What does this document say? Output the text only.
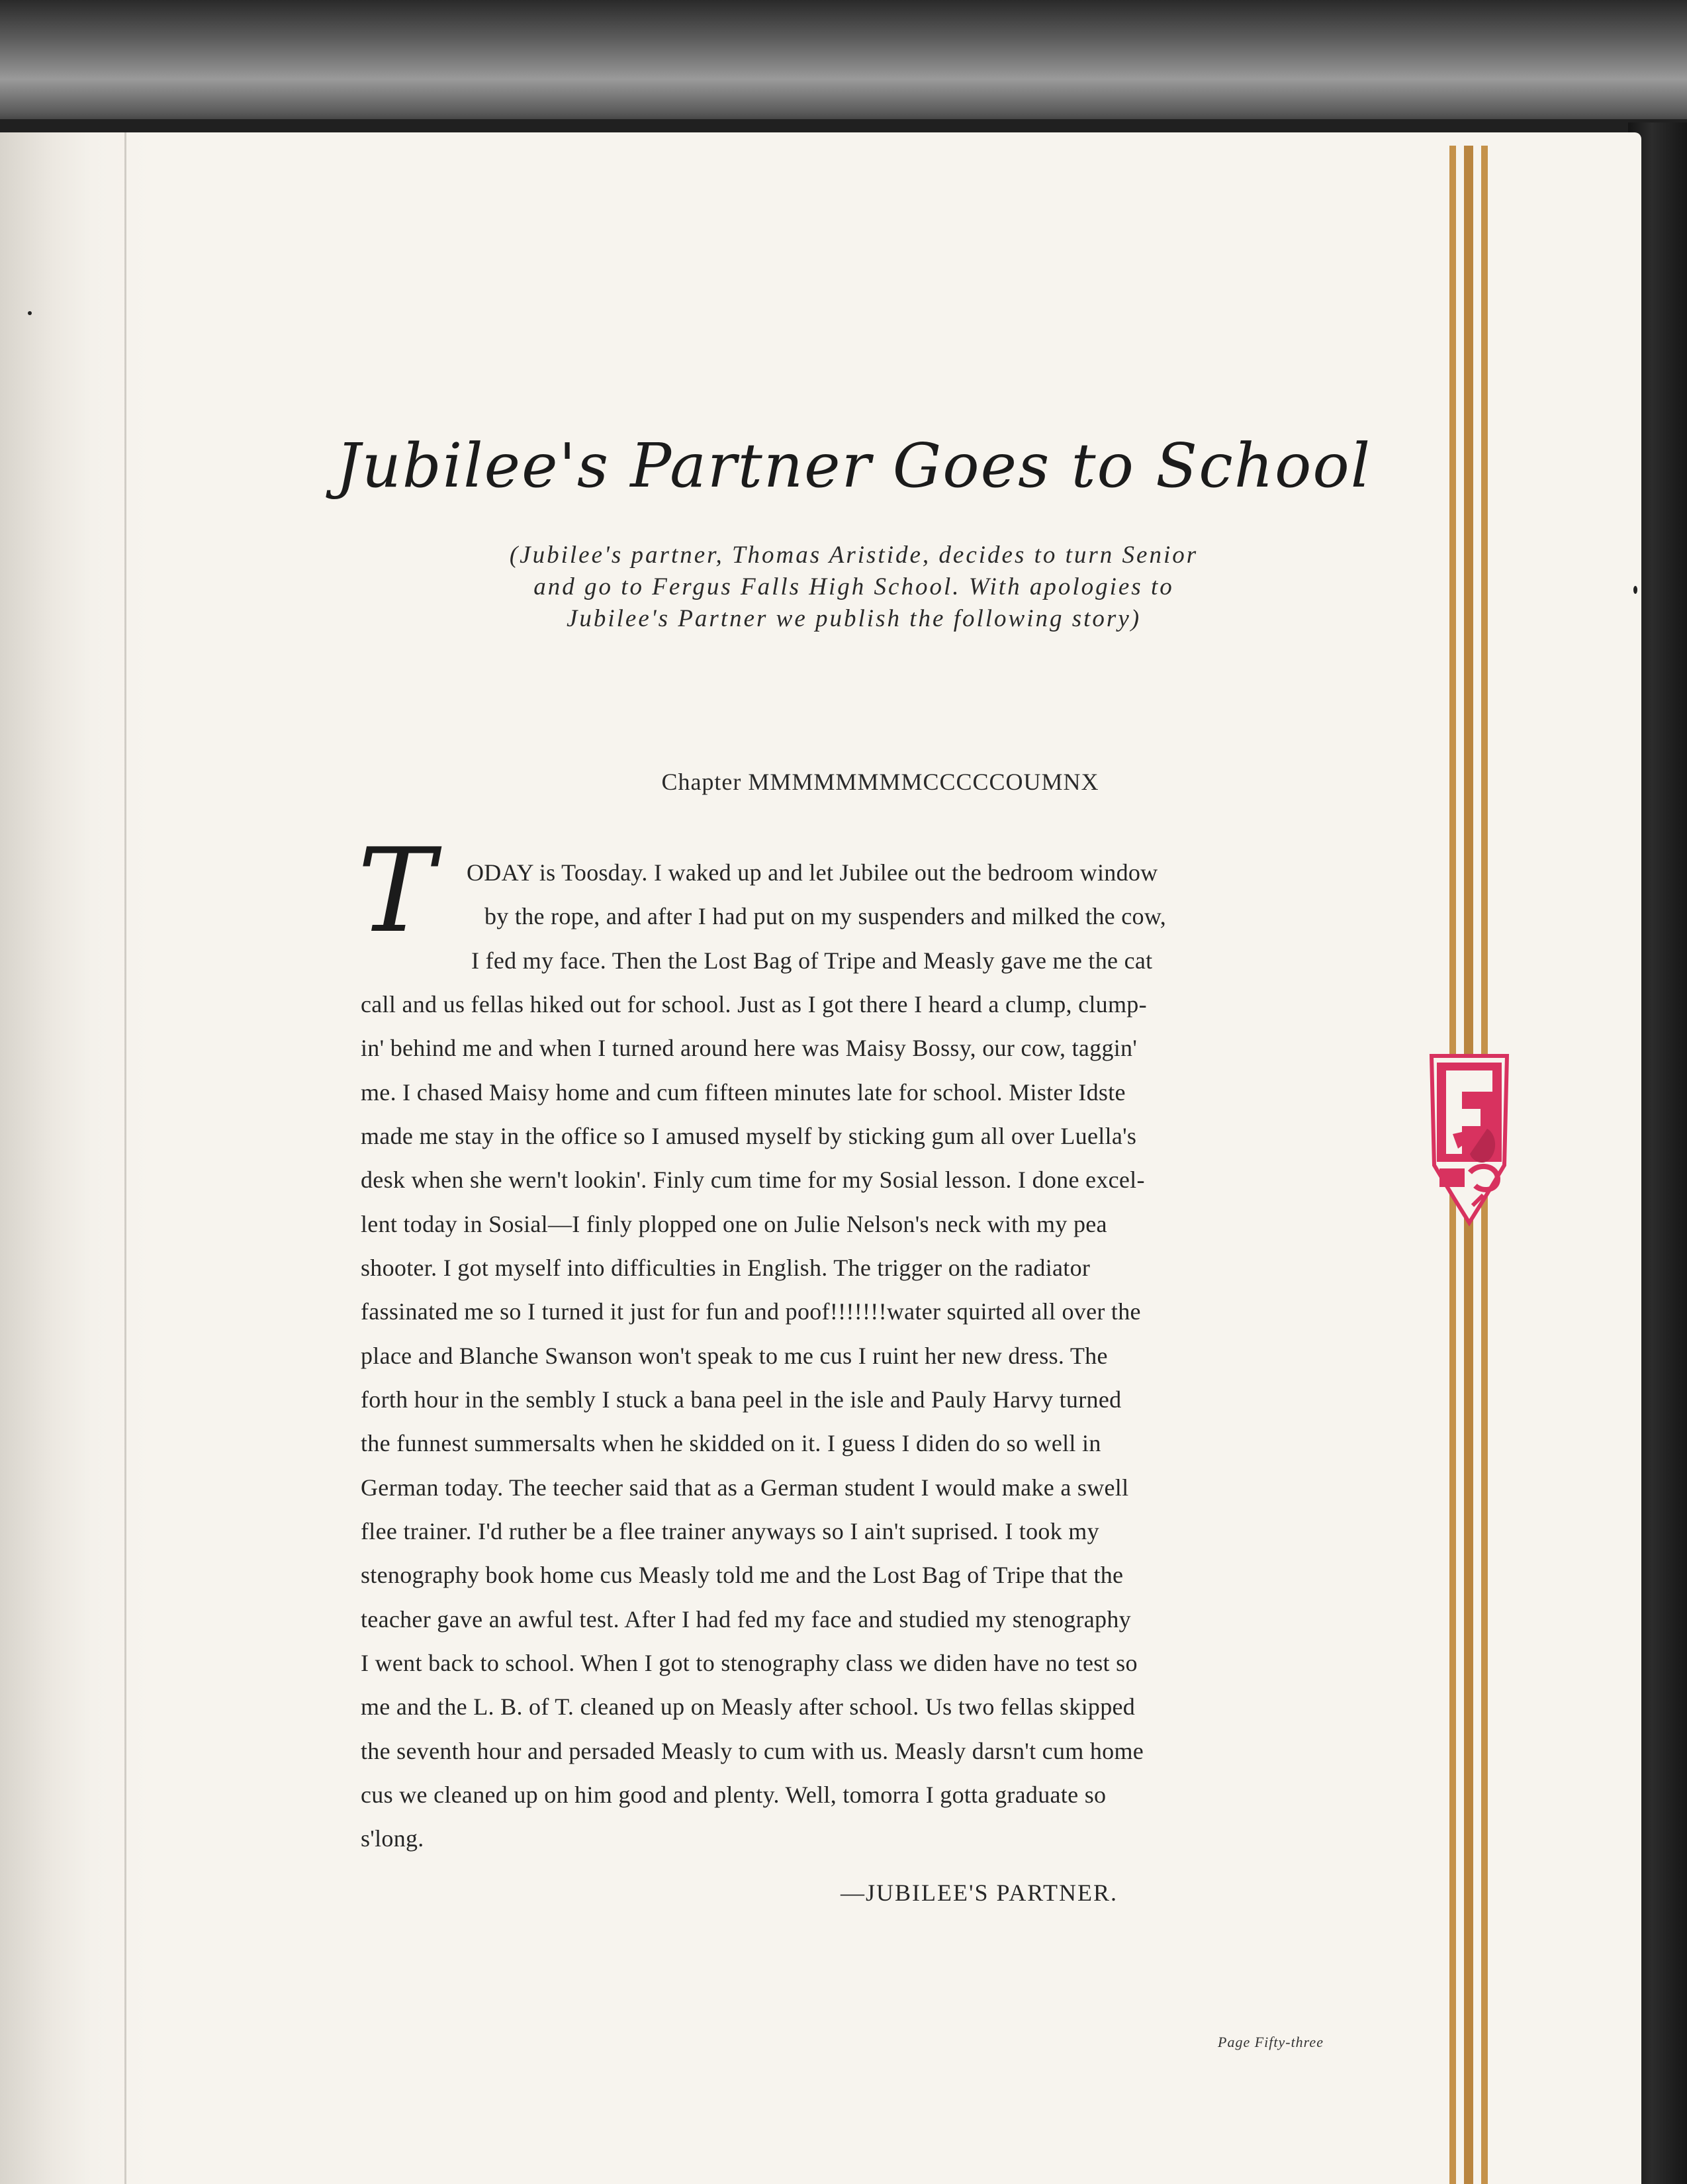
Jubilee's Partner Goes to School
(Jubilee's partner, Thomas Aristide, decides to turn Senior
and go to Fergus Falls High School. With apologies to
Jubilee's Partner we publish the following story)
Chapter MMMMMMMMCCCCCOUMNX
T	ODAY is Toosday. I waked up and let Jubilee out the bedroom window
by the rope, and after I had put on my suspenders and milked the cow,
I fed my face. Then the Lost Bag of Tripe and Measly gave me the cat
call and us fellas hiked out for school. Just as I got there I heard a clump, clump-
in' behind me and when I turned around here was Maisy Bossy, our cow, taggin'
me. I chased Maisy home and cum fifteen minutes late for school. Mister Idste
made me stay in the office so I amused myself by sticking gum all over Luella's
desk when she wern't lookin'. Finly cum time for my Sosial lesson. I done excel-
lent today in Sosial—I finly plopped one on Julie Nelson's neck with my pea
shooter. I got myself into difficulties in English. The trigger on the radiator
fassinated me so I turned it just for fun and poof!!!!!!!water squirted all over the
place and Blanche Swanson won't speak to me cus I ruint her new dress. The
forth hour in the sembly I stuck a bana peel in the isle and Pauly Harvy turned
the funnest summersalts when he skidded on it. I guess I diden do so well in
German today. The teecher said that as a German student I would make a swell
flee trainer. I'd ruther be a flee trainer anyways so I ain't suprised. I took my
stenography book home cus Measly told me and the Lost Bag of Tripe that the
teacher gave an awful test. After I had fed my face and studied my stenography
I went back to school. When I got to stenography class we diden have no test so
me and the L. B. of T. cleaned up on Measly after school. Us two fellas skipped
the seventh hour and persaded Measly to cum with us. Measly darsn't cum home
cus we cleaned up on him good and plenty. Well, tomorra I gotta graduate so
s'long.
—JUBILEE'S PARTNER.
Page Fifty-three
